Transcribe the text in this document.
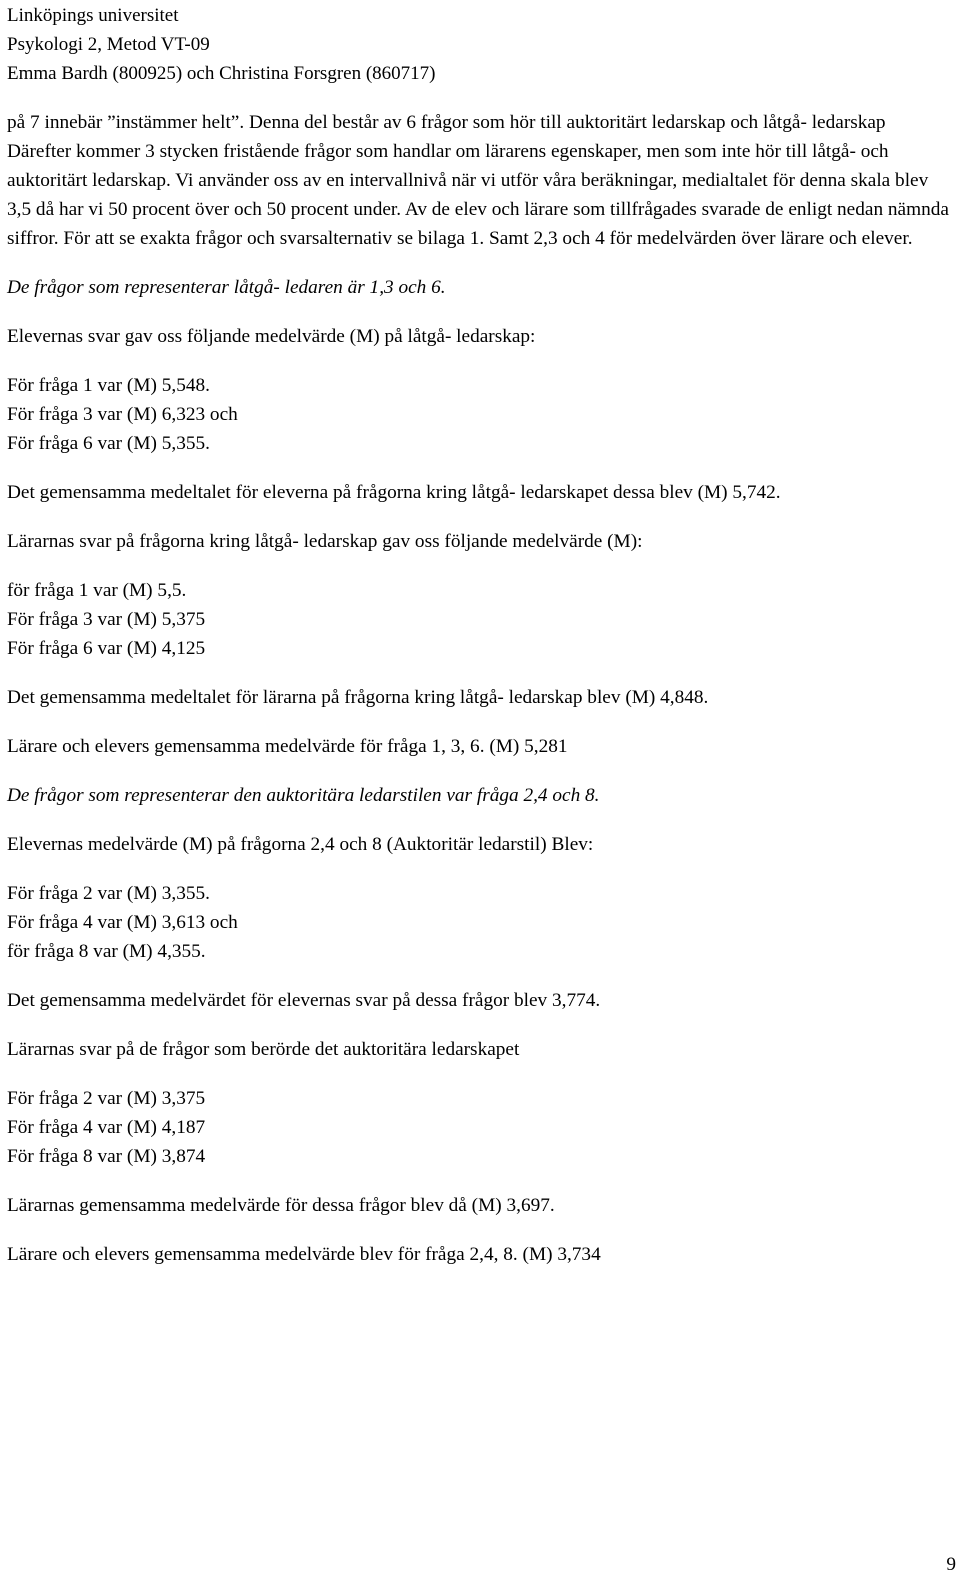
Linköpings universitet
Psykologi 2, Metod VT-09
Emma Bardh (800925) och Christina Forsgren (860717)

på 7 innebär ”instämmer helt”. Denna del består av 6 frågor som hör till auktoritärt ledarskap och låtgå- ledarskap Därefter kommer 3 stycken fristående frågor som handlar om lärarens egenskaper, men som inte hör till låtgå- och auktoritärt ledarskap. Vi använder oss av en intervallnivå när vi utför våra beräkningar, medialtalet för denna skala blev 3,5 då har vi 50 procent över och 50 procent under. Av de elev och lärare som tillfrågades svarade de enligt nedan nämnda siffror. För att se exakta frågor och svarsalternativ se bilaga 1. Samt 2,3 och 4 för medelvärden över lärare och elever.

De frågor som representerar låtgå- ledaren är 1,3 och 6.
Elevernas svar gav oss följande medelvärde (M) på låtgå- ledarskap:
För fråga 1 var (M) 5,548.
För fråga 3 var (M) 6,323 och
För fråga 6 var (M) 5,355.

Det gemensamma medeltalet för eleverna på frågorna kring låtgå- ledarskapet dessa blev (M) 5,742.

Lärarnas svar på frågorna kring låtgå- ledarskap gav oss följande medelvärde (M):
för fråga 1 var (M) 5,5.
För fråga 3 var (M) 5,375
För fråga 6 var (M) 4,125
Det gemensamma medeltalet för lärarna på frågorna kring låtgå- ledarskap blev (M) 4,848.
Lärare och elevers gemensamma medelvärde för fråga 1, 3, 6. (M) 5,281
De frågor som representerar den auktoritära ledarstilen var fråga 2,4 och 8.
Elevernas medelvärde (M) på frågorna 2,4 och 8 (Auktoritär ledarstil) Blev:
För fråga 2 var (M) 3,355.
För fråga 4 var (M) 3,613 och
för fråga 8 var (M) 4,355.
Det gemensamma medelvärdet för elevernas svar på dessa frågor blev 3,774.
Lärarnas svar på de frågor som berörde det auktoritära ledarskapet
För fråga 2 var (M) 3,375
För fråga 4 var (M) 4,187
För fråga 8 var (M) 3,874
Lärarnas gemensamma medelvärde för dessa frågor blev då (M) 3,697.
Lärare och elevers gemensamma medelvärde blev för fråga 2,4, 8. (M) 3,734
9
